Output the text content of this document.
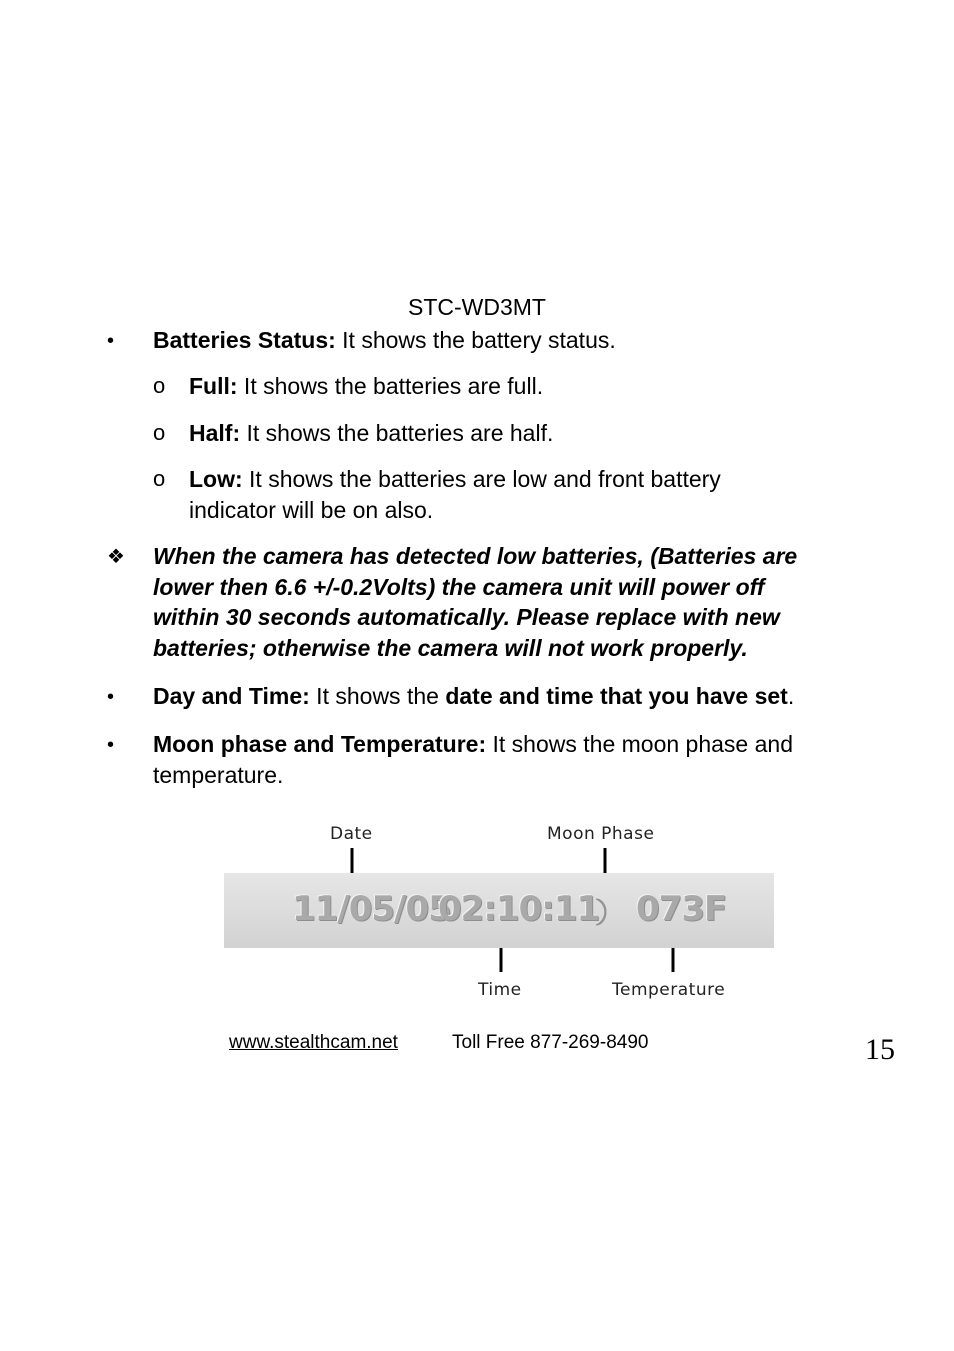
STC-WD3MT
• Batteries Status: It shows the battery status.
o Full: It shows the batteries are full.
o Half: It shows the batteries are half.
o Low: It shows the batteries are low and front battery
indicator will be on also.
❖ When the camera has detected low batteries, (Batteries are
lower then 6.6 +/-0.2Volts) the camera unit will power off
within 30 seconds automatically. Please replace with new
batteries; otherwise the camera will not work properly.
• Day and Time: It shows the date and time that you have set.
• Moon phase and Temperature: It shows the moon phase and
temperature.
Date	Moon Phase
11/05/05
02:10:11 073F
Time	Temperature
www.stealthcam.net	Toll Free 877-269-8490	15
